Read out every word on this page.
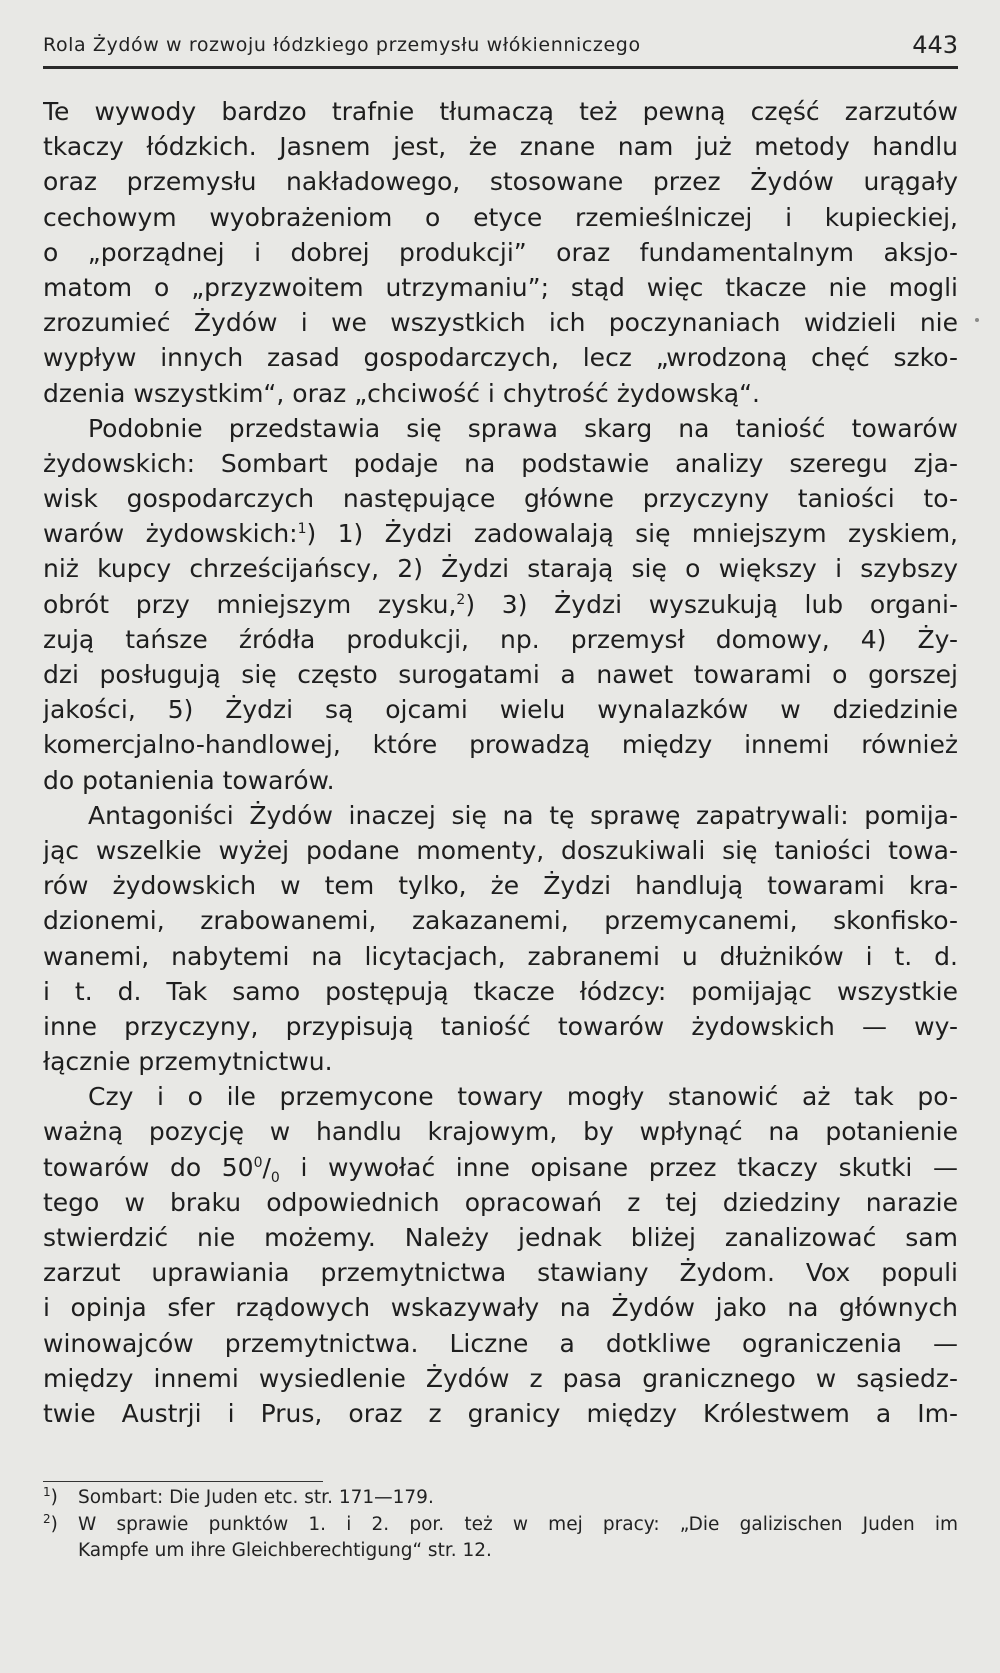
Rola Żydów w rozwoju łódzkiego przemysłu włókienniczego	443
Te wywody bardzo trafnie tłumaczą też pewną część zarzutów
tkaczy łódzkich. Jasnem jest, że znane nam już metody handlu
oraz przemysłu nakładowego, stosowane przez Żydów urągały
cechowym wyobrażeniom o etyce rzemieślniczej i kupieckiej,
o „porządnej i dobrej produkcji” oraz fundamentalnym aksjo-
matom o „przyzwoitem utrzymaniu”; stąd więc tkacze nie mogli
zrozumieć Żydów i we wszystkich ich poczynaniach widzieli nie
wypływ innych zasad gospodarczych, lecz „wrodzoną chęć szko-
dzenia wszystkim“, oraz „chciwość i chytrość żydowską“.
Podobnie przedstawia się sprawa skarg na taniość towarów
żydowskich: Sombart podaje na podstawie analizy szeregu zja-
wisk gospodarczych następujące główne przyczyny taniości to-
warów żydowskich:$^1$) 1) Żydzi zadowalają się mniejszym zyskiem,
niż kupcy chrześcijańscy, 2) Żydzi starają się o większy i szybszy
obrót przy mniejszym zysku,$^2$) 3) Żydzi wyszukują lub organi-
zują tańsze źródła produkcji, np. przemysł domowy, 4) Ży-
dzi posługują się często surogatami a nawet towarami o gorszej
jakości, 5) Żydzi są ojcami wielu wynalazków w dziedzinie
komercjalno-handlowej, które prowadzą między innemi również
do potanienia towarów.
Antagoniści Żydów inaczej się na tę sprawę zapatrywali: pomija-
jąc wszelkie wyżej podane momenty, doszukiwali się taniości towa-
rów żydowskich w tem tylko, że Żydzi handlują towarami kra-
dzionemi, zrabowanemi, zakazanemi, przemycanemi, skonfisko-
wanemi, nabytemi na licytacjach, zabranemi u dłużników i t. d.
i t. d. Tak samo postępują tkacze łódzcy: pomijając wszystkie
inne przyczyny, przypisują taniość towarów żydowskich — wy-
łącznie przemytnictwu.
Czy i o ile przemycone towary mogły stanowić aż tak po-
ważną pozycję w handlu krajowym, by wpłynąć na potanienie
towarów do $50^0/_0$ i wywołać inne opisane przez tkaczy skutki —
tego w braku odpowiednich opracowań z tej dziedziny narazie
stwierdzić nie możemy. Należy jednak bliżej zanalizować sam
zarzut uprawiania przemytnictwa stawiany Żydom. Vox populi
i opinja sfer rządowych wskazywały na Żydów jako na głównych
winowajców przemytnictwa. Liczne a dotkliwe ograniczenia —
między innemi wysiedlenie Żydów z pasa granicznego w sąsiedz-
twie Austrji i Prus, oraz z granicy między Królestwem a Im-
$^1$) Sombart: Die Juden etc. str. 171—179.
$^2$) W sprawie punktów 1. i 2. por. też w mej pracy: „Die galizischen Juden im
Kampfe um ihre Gleichberechtigung“ str. 12.
